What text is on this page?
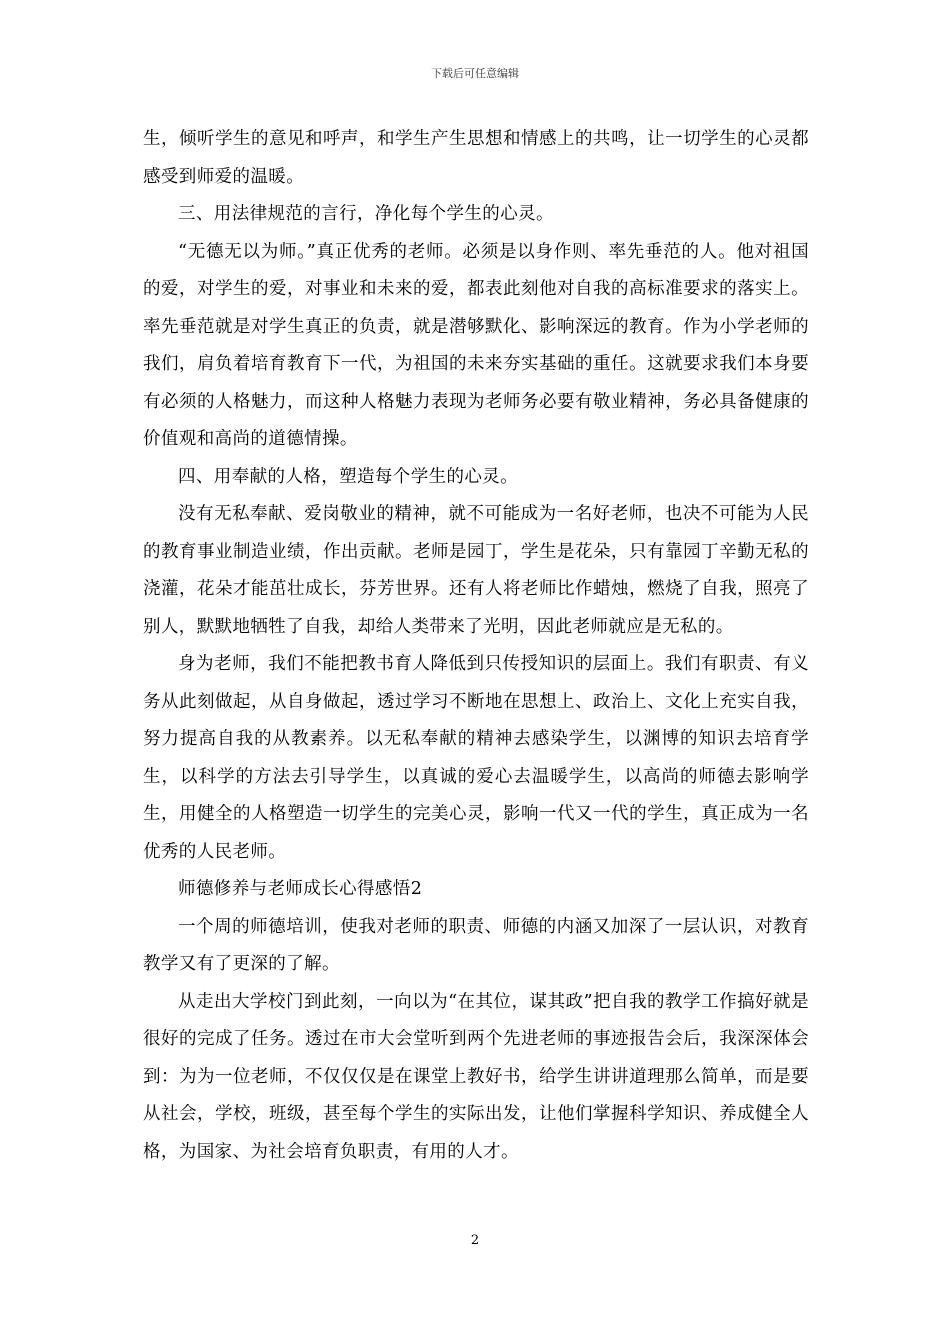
下载后可任意编辑

生，倾听学生的意见和呼声，和学生产生思想和情感上的共鸣，让一切学生的心灵都感受到师爱的温暖。

三、用法律规范的言行，净化每个学生的心灵。

“无德无以为师。”真正优秀的老师。必须是以身作则、率先垂范的人。他对祖国的爱，对学生的爱，对事业和未来的爱，都表此刻他对自我的高标准要求的落实上。率先垂范就是对学生真正的负责，就是潜够默化、影响深远的教育。作为小学老师的我们，肩负着培育教育下一代，为祖国的未来夯实基础的重任。这就要求我们本身要有必须的人格魅力，而这种人格魅力表现为老师务必要有敬业精神，务必具备健康的价值观和高尚的道德情操。

四、用奉献的人格，塑造每个学生的心灵。

没有无私奉献、爱岗敬业的精神，就不可能成为一名好老师，也决不可能为人民的教育事业制造业绩，作出贡献。老师是园丁，学生是花朵，只有靠园丁辛勤无私的浇灌，花朵才能茁壮成长，芬芳世界。还有人将老师比作蜡烛，燃烧了自我，照亮了别人，默默地牺牲了自我，却给人类带来了光明，因此老师就应是无私的。

身为老师，我们不能把教书育人降低到只传授知识的层面上。我们有职责、有义务从此刻做起，从自身做起，透过学习不断地在思想上、政治上、文化上充实自我，努力提高自我的从教素养。以无私奉献的精神去感染学生，以渊博的知识去培育学生，以科学的方法去引导学生，以真诚的爱心去温暖学生，以高尚的师德去影响学生，用健全的人格塑造一切学生的完美心灵，影响一代又一代的学生，真正成为一名优秀的人民老师。

师德修养与老师成长心得感悟2

一个周的师德培训，使我对老师的职责、师德的内涵又加深了一层认识，对教育教学又有了更深的了解。

从走出大学校门到此刻，一向以为“在其位，谋其政”把自我的教学工作搞好就是很好的完成了任务。透过在市大会堂听到两个先进老师的事迹报告会后，我深深体会到：为为一位老师，不仅仅仅是在课堂上教好书，给学生讲讲道理那么简单，而是要从社会，学校，班级，甚至每个学生的实际出发，让他们掌握科学知识、养成健全人格，为国家、为社会培育负职责，有用的人才。

2
